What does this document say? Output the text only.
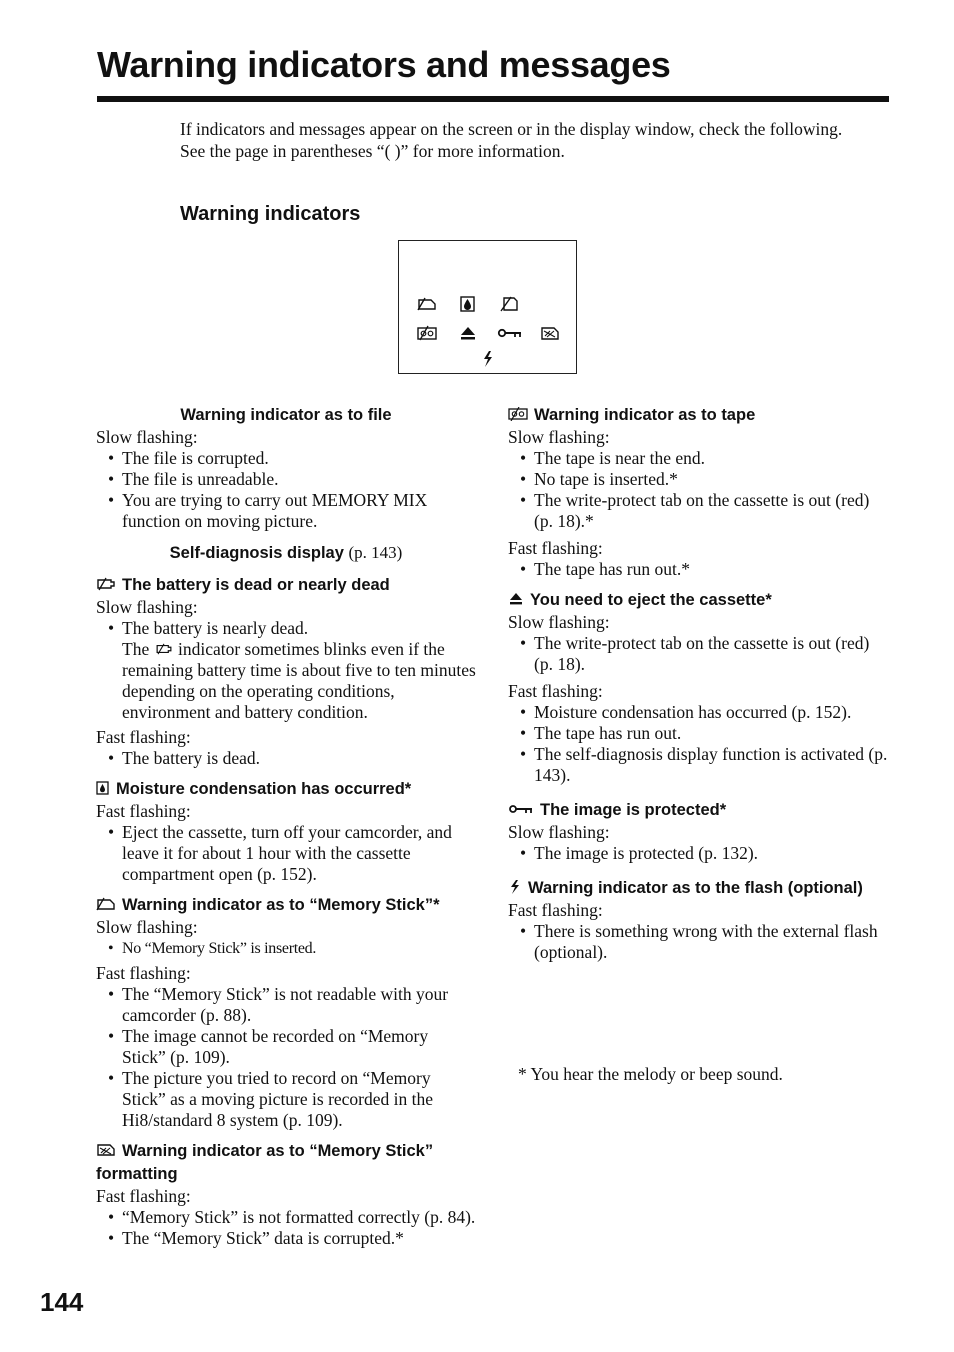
Warning indicators and messages

If indicators and messages appear on the screen or in the display window, check the following.

See the page in parentheses “( )” for more information.

Warning indicators
Warning indicator as to file

Slow flashing:

• The file is corrupted.
• The file is unreadable.
• You are trying to carry out MEMORY MIX function on moving picture.
Self-diagnosis display (p. 143)
The battery is dead or nearly dead

Slow flashing:

• The battery is nearly dead.
The indicator sometimes blinks even if the remaining battery time is about five to ten minutes depending on the operating conditions, environment and battery condition.

Fast flashing:

• The battery is dead.
Moisture condensation has occurred*

Fast flashing:

• Eject the cassette, turn off your camcorder, and leave it for about 1 hour with the cassette compartment open (p. 152).
Warning indicator as to “Memory Stick”*

Slow flashing:

• No “Memory Stick” is inserted.

Fast flashing:

• The “Memory Stick” is not readable with your camcorder (p. 88).
• The image cannot be recorded on “Memory Stick” (p. 109).
• The picture you tried to record on “Memory Stick” as a moving picture is recorded in the Hi8/standard 8 system (p. 109).
Warning indicator as to “Memory Stick” formatting

Fast flashing:

• “Memory Stick” is not formatted correctly (p. 84).
• The “Memory Stick” data is corrupted.*
Warning indicator as to tape

Slow flashing:

• The tape is near the end.
• No tape is inserted.*
• The write-protect tab on the cassette is out (red) (p. 18).*

Fast flashing:

• The tape has run out.*
You need to eject the cassette*

Slow flashing:

• The write-protect tab on the cassette is out (red) (p. 18).

Fast flashing:

• Moisture condensation has occurred (p. 152).
• The tape has run out.
• The self-diagnosis display function is activated (p. 143).
The image is protected*

Slow flashing:

• The image is protected (p. 132).
Warning indicator as to the flash (optional)

Fast flashing:

• There is something wrong with the external flash (optional).
* You hear the melody or beep sound.
144
